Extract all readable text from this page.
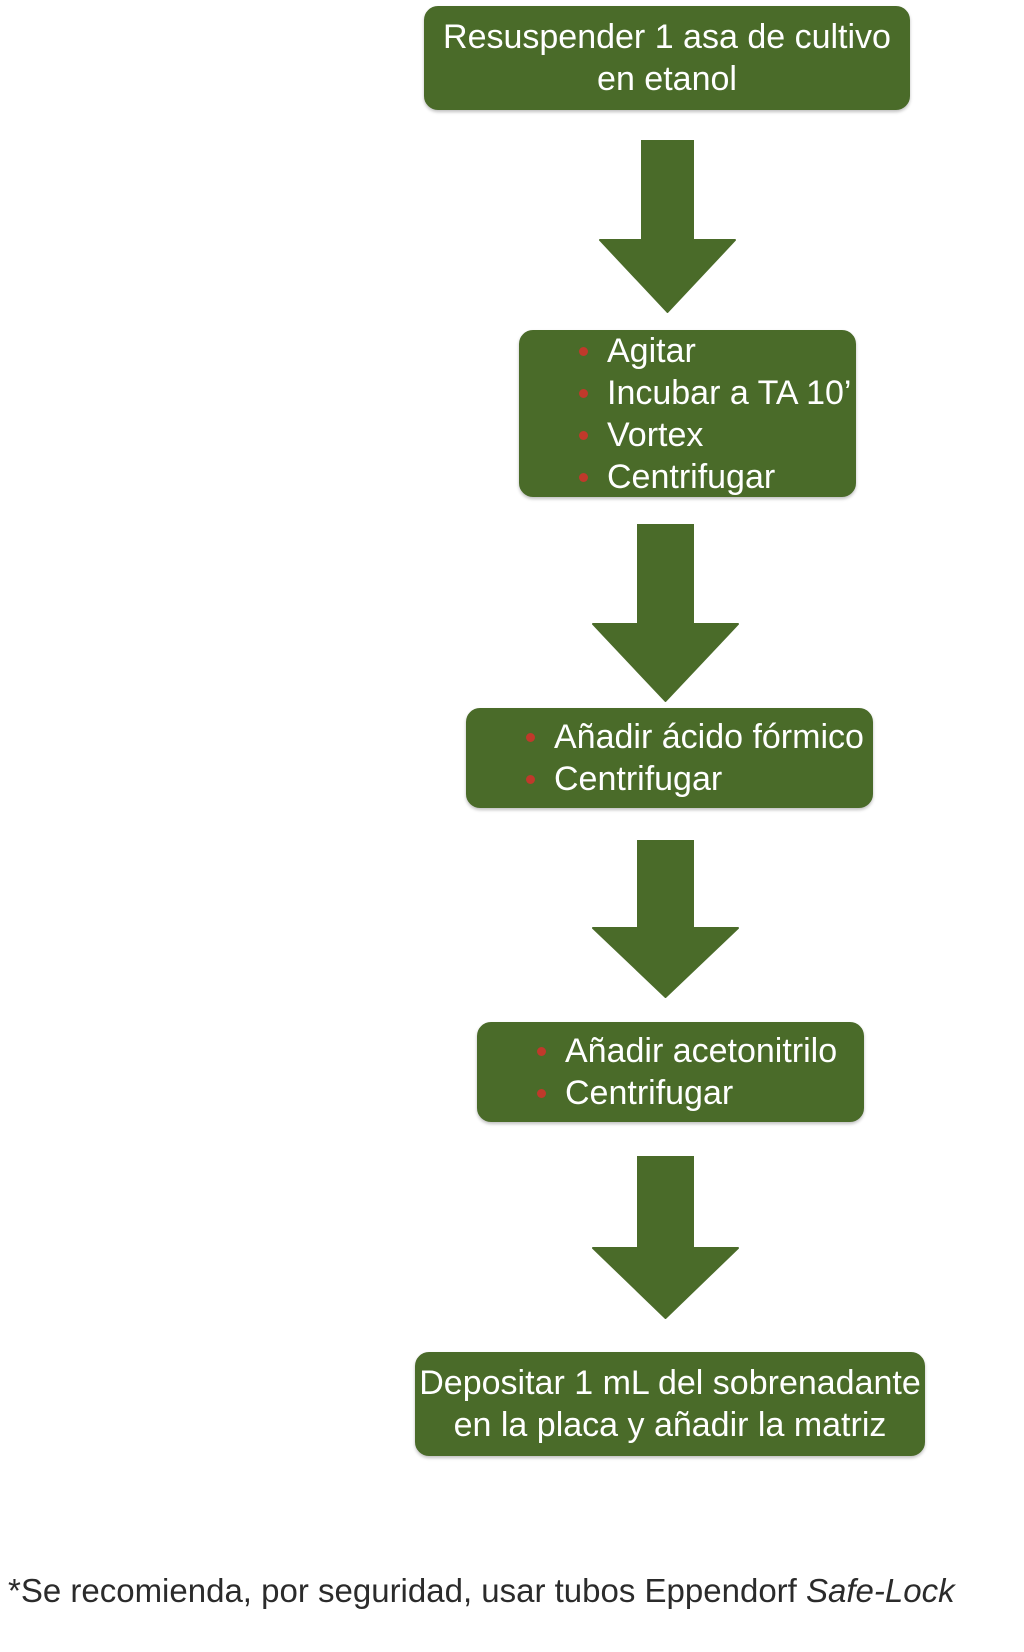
Resuspender 1 asa de cultivo
en etanol
Agitar
Incubar a TA 10’
Vortex
Centrifugar
Añadir ácido fórmico
Centrifugar
Añadir acetonitrilo
Centrifugar
Depositar 1 mL del sobrenadante
en la placa y añadir la matriz
*Se recomienda, por seguridad, usar tubos Eppendorf Safe-Lock
